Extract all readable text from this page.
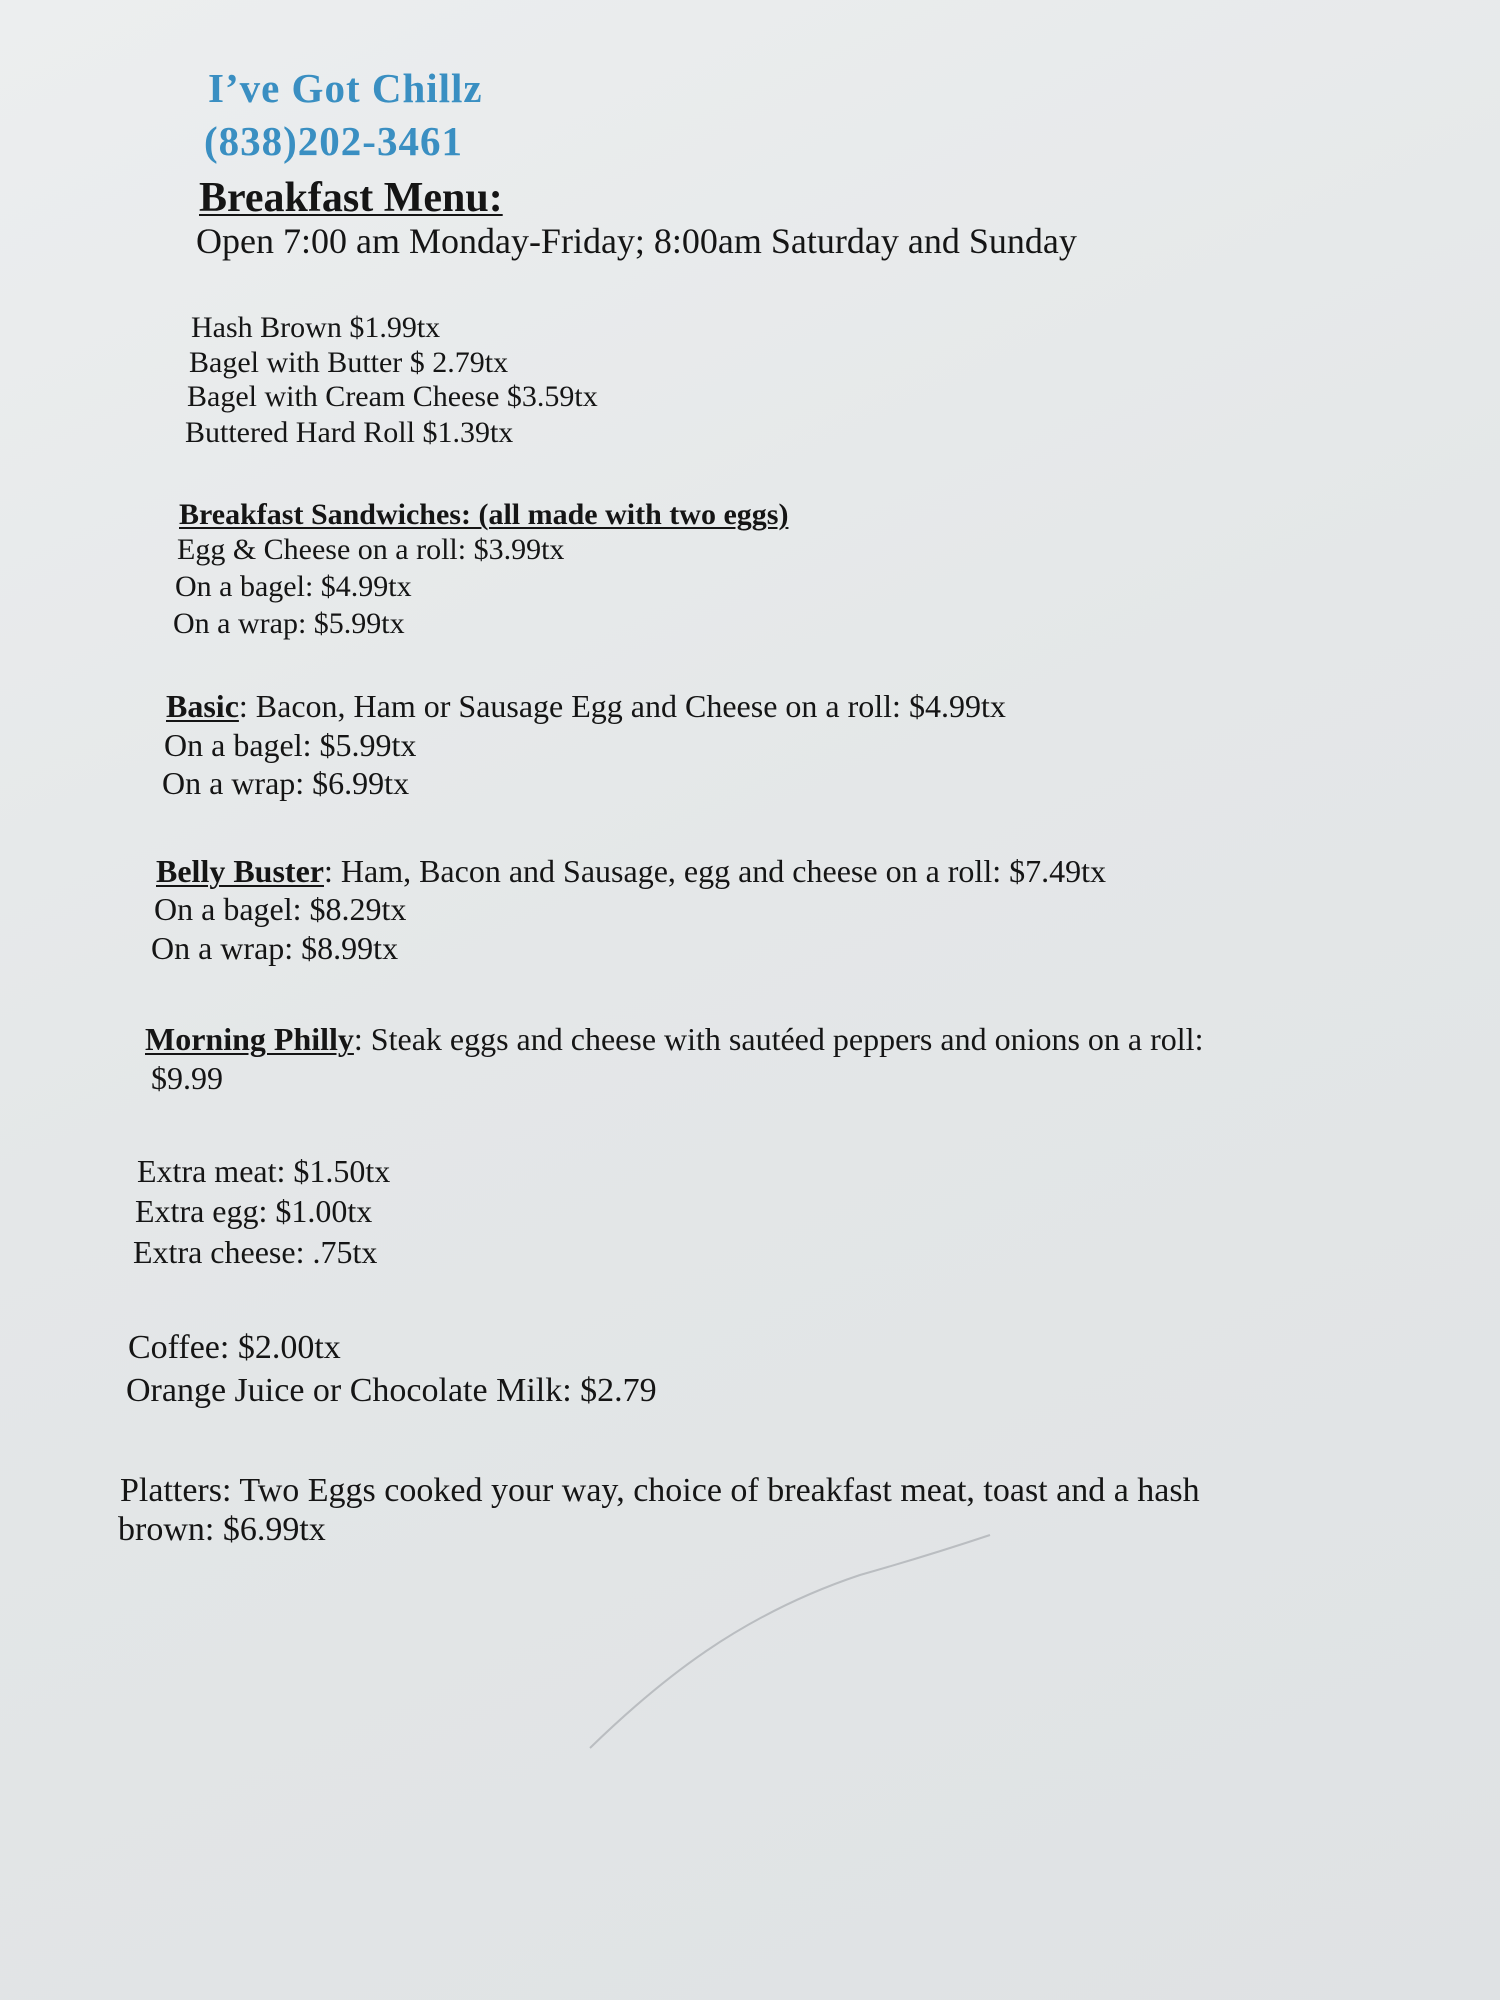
I’ve Got Chillz
(838)202-3461
Breakfast Menu:
Open 7:00 am Monday-Friday; 8:00am Saturday and Sunday
Hash Brown $1.99tx
Bagel with Butter $ 2.79tx
Bagel with Cream Cheese $3.59tx
Buttered Hard Roll $1.39tx
Breakfast Sandwiches: (all made with two eggs)
Egg & Cheese on a roll: $3.99tx
On a bagel: $4.99tx
On a wrap: $5.99tx
Basic: Bacon, Ham or Sausage Egg and Cheese on a roll: $4.99tx
On a bagel: $5.99tx
On a wrap: $6.99tx
Belly Buster: Ham, Bacon and Sausage, egg and cheese on a roll: $7.49tx
On a bagel: $8.29tx
On a wrap: $8.99tx
Morning Philly: Steak eggs and cheese with sautéed peppers and onions on a roll:
$9.99
Extra meat: $1.50tx
Extra egg: $1.00tx
Extra cheese: .75tx
Coffee: $2.00tx
Orange Juice or Chocolate Milk: $2.79
Platters: Two Eggs cooked your way, choice of breakfast meat, toast and a hash
brown: $6.99tx
